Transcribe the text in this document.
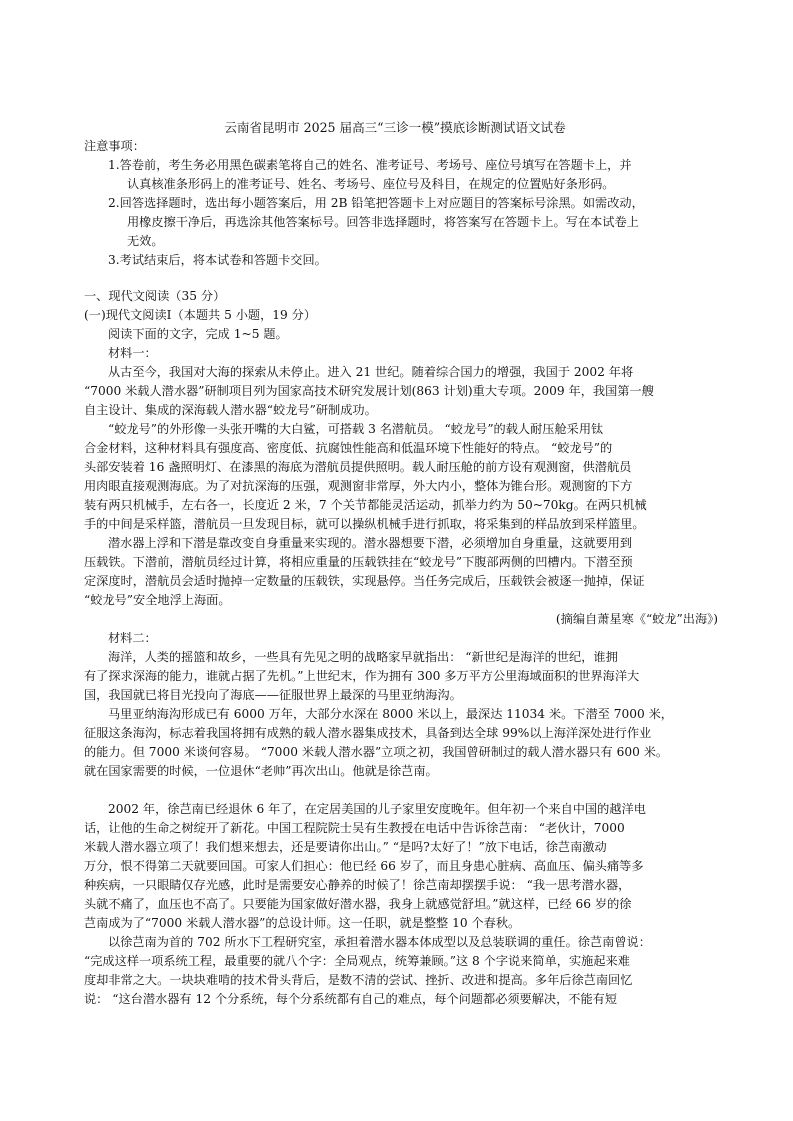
云南省昆明市 2025 届高三“三诊一模”摸底诊断测试语文试卷
注意事项：
1.答卷前，考生务必用黑色碳素笔将自己的姓名、准考证号、考场号、座位号填写在答题卡上，并
认真核准条形码上的准考证号、姓名、考场号、座位号及科目，在规定的位置贴好条形码。
2.回答选择题时，选出每小题答案后，用 2B 铅笔把答题卡上对应题目的答案标号涂黑。如需改动，
用橡皮擦干净后，再选涂其他答案标号。回答非选择题时，将答案写在答题卡上。写在本试卷上
无效。
3.考试结束后，将本试卷和答题卡交回。
一、现代文阅读（35 分）
(一)现代文阅读Ⅰ（本题共 5 小题，19 分）
阅读下面的文字，完成 1~5 题。
材料一：
从古至今，我国对大海的探索从未停止。进入 21 世纪。随着综合国力的增强，我国于 2002 年将
“7000 米载人潜水器”研制项目列为国家高技术研究发展计划(863 计划)重大专项。2009 年，我国第一艘
自主设计、集成的深海载人潜水器“蛟龙号”研制成功。
“蛟龙号”的外形像一头张开嘴的大白鲨，可搭载 3 名潜航员。 “蛟龙号”的载人耐压舱采用钛
合金材料，这种材料具有强度高、密度低、抗腐蚀性能高和低温环境下性能好的特点。 “蛟龙号”的
头部安装着 16 盏照明灯、在漆黑的海底为潜航员提供照明。载人耐压舱的前方设有观测窗，供潜航员
用肉眼直接观测海底。为了对抗深海的压强，观测窗非常厚，外大内小，整体为锥台形。观测窗的下方
装有两只机械手，左右各一，长度近 2 米，7 个关节都能灵活运动，抓举力约为 50~70kg。在两只机械
手的中间是采样篮，潜航员一旦发现目标，就可以操纵机械手进行抓取，将采集到的样品放到采样篮里。
潜水器上浮和下潜是靠改变自身重量来实现的。潜水器想要下潜，必须增加自身重量，这就要用到
压载铁。下潜前，潜航员经过计算，将相应重量的压载铁挂在“蛟龙号”下腹部两侧的凹槽内。下潜至预
定深度时，潜航员会适时抛掉一定数量的压载铁，实现悬停。当任务完成后，压载铁会被逐一抛掉，保证
“蛟龙号”安全地浮上海面。
(摘编自萧星寒《“蛟龙”出海》)
材料二：
海洋，人类的摇篮和故乡，一些具有先见之明的战略家早就指出： “新世纪是海洋的世纪，谁拥
有了探求深海的能力，谁就占据了先机。”上世纪末，作为拥有 300 多万平方公里海域面积的世界海洋大
国，我国就已将目光投向了海底——征服世界上最深的马里亚纳海沟。
马里亚纳海沟形成已有 6000 万年，大部分水深在 8000 米以上，最深达 11034 米。下潜至 7000 米，
征服这条海沟，标志着我国将拥有成熟的载人潜水器集成技术，具备到达全球 99%以上海洋深处进行作业
的能力。但 7000 米谈何容易。 “7000 米载人潜水器”立项之初，我国曾研制过的载人潜水器只有 600 米。
就在国家需要的时候，一位退休“老帅”再次出山。他就是徐芑南。
2002 年，徐芑南已经退休 6 年了，在定居美国的儿子家里安度晚年。但年初一个来自中国的越洋电
话，让他的生命之树绽开了新花。中国工程院院士吴有生教授在电话中告诉徐芑南： “老伙计，7000
米载人潜水器立项了！我们想来想去，还是要请你出山。” “是吗?太好了！”放下电话，徐芑南激动
万分，恨不得第二天就要回国。可家人们担心：他已经 66 岁了，而且身患心脏病、高血压、偏头痛等多
种疾病，一只眼睛仅存光感，此时是需要安心静养的时候了！徐芑南却摆摆手说： “我一思考潜水器，
头就不痛了，血压也不高了。只要能为国家做好潜水器，我身上就感觉舒坦。”就这样，已经 66 岁的徐
芑南成为了“7000 米载人潜水器”的总设计师。这一任职，就是整整 10 个春秋。
以徐芑南为首的 702 所水下工程研究室，承担着潜水器本体成型以及总装联调的重任。徐芑南曾说：
“完成这样一项系统工程，最重要的就八个字：全局观点，统筹兼顾。”这 8 个字说来简单，实施起来难
度却非常之大。一块块难啃的技术骨头背后，是数不清的尝试、挫折、改进和提高。多年后徐芑南回忆
说： “这台潜水器有 12 个分系统，每个分系统都有自己的难点，每个问题都必须要解决，不能有短
